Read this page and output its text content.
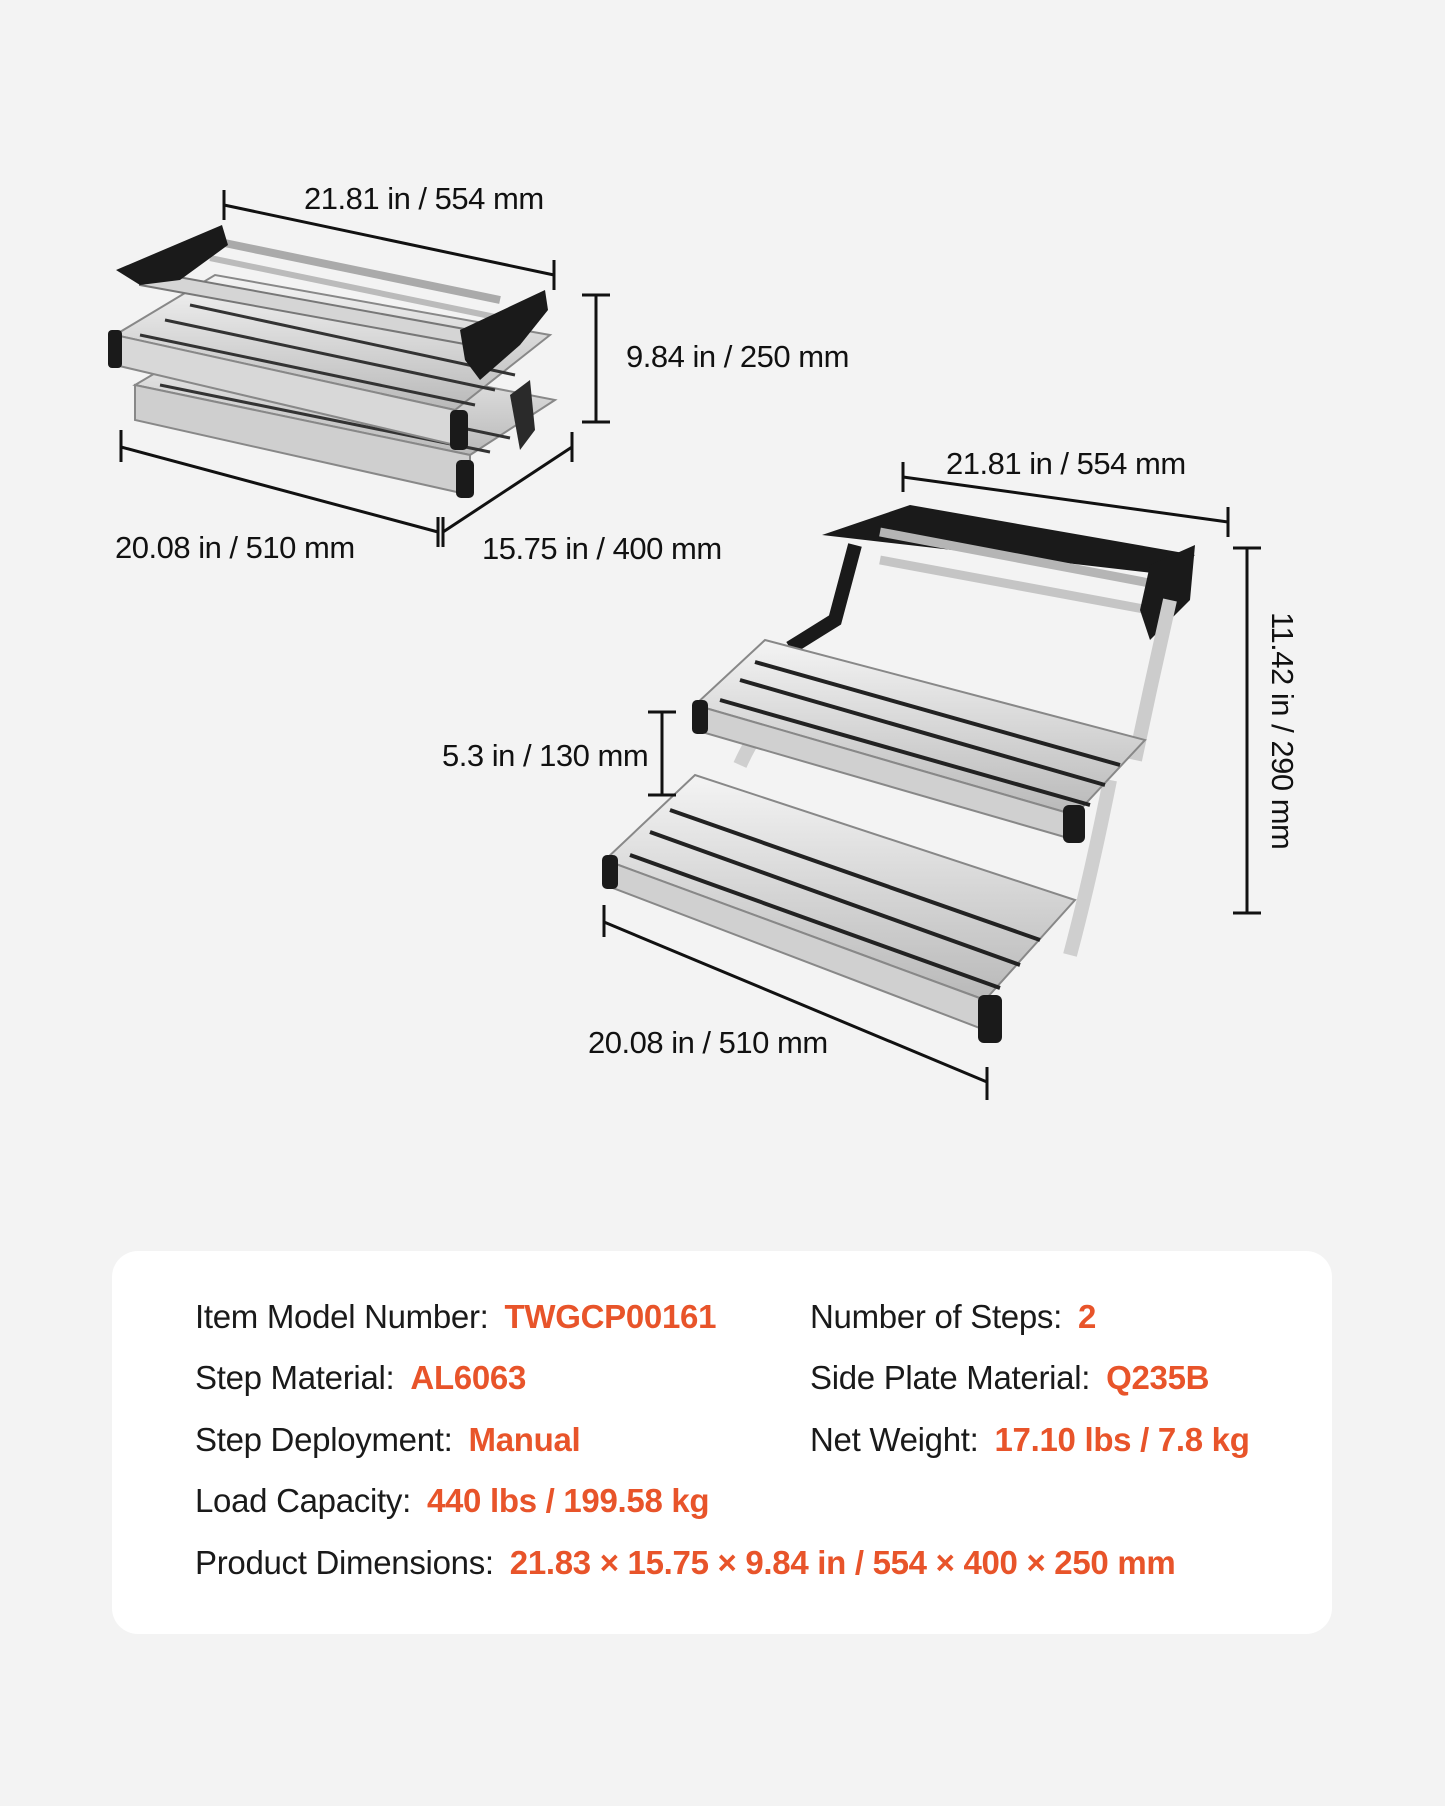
21.81 in / 554 mm
9.84 in / 250 mm
20.08 in / 510 mm	15.75 in / 400 mm
21.81 in / 554 mm
11.42 in / 290 mm
5.3 in / 130 mm
20.08 in / 510 mm
Item Model Number: TWGCP00161	Number of Steps: 2
Step Material: AL6063	Side Plate Material: Q235B
Step Deployment: Manual	Net Weight: 17.10 lbs / 7.8 kg
Load Capacity: 440 lbs / 199.58 kg
Product Dimensions: 21.83 × 15.75 × 9.84 in / 554 × 400 × 250 mm
